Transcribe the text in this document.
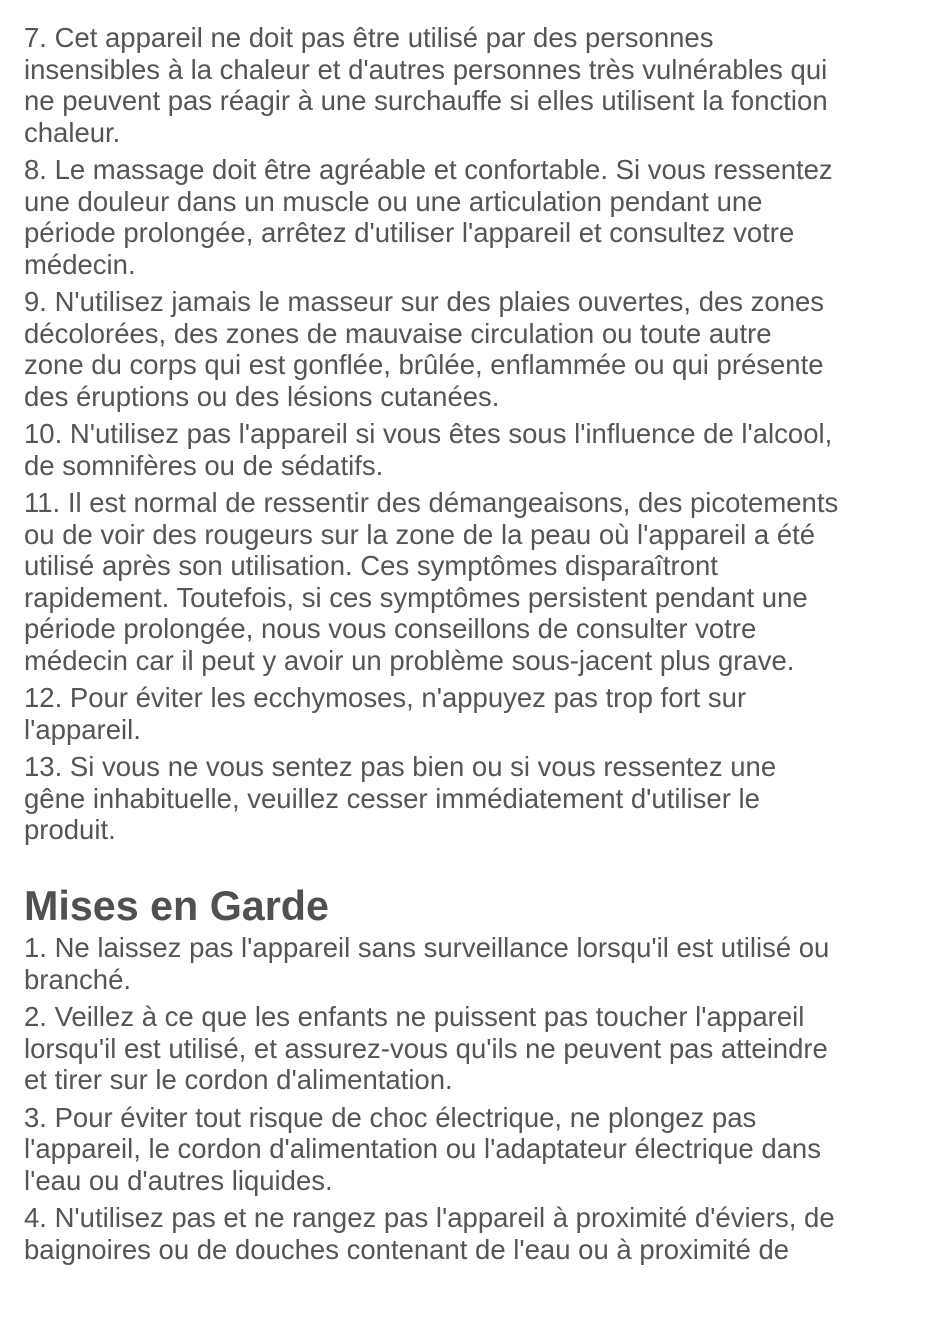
7. Cet appareil ne doit pas être utilisé par des personnes
insensibles à la chaleur et d'autres personnes très vulnérables qui
ne peuvent pas réagir à une surchauffe si elles utilisent la fonction
chaleur.

8. Le massage doit être agréable et confortable. Si vous ressentez
une douleur dans un muscle ou une articulation pendant une
période prolongée, arrêtez d'utiliser l'appareil et consultez votre
médecin.

9. N'utilisez jamais le masseur sur des plaies ouvertes, des zones
décolorées, des zones de mauvaise circulation ou toute autre
zone du corps qui est gonflée, brûlée, enflammée ou qui présente
des éruptions ou des lésions cutanées.

10. N'utilisez pas l'appareil si vous êtes sous l'influence de l'alcool,
de somnifères ou de sédatifs.

11. Il est normal de ressentir des démangeaisons, des picotements
ou de voir des rougeurs sur la zone de la peau où l'appareil a été
utilisé après son utilisation. Ces symptômes disparaîtront
rapidement. Toutefois, si ces symptômes persistent pendant une
période prolongée, nous vous conseillons de consulter votre
médecin car il peut y avoir un problème sous-jacent plus grave.

12. Pour éviter les ecchymoses, n'appuyez pas trop fort sur
l'appareil.

13. Si vous ne vous sentez pas bien ou si vous ressentez une
gêne inhabituelle, veuillez cesser immédiatement d'utiliser le
produit.

Mises en Garde

1. Ne laissez pas l'appareil sans surveillance lorsqu'il est utilisé ou
branché.

2. Veillez à ce que les enfants ne puissent pas toucher l'appareil
lorsqu'il est utilisé, et assurez-vous qu'ils ne peuvent pas atteindre
et tirer sur le cordon d'alimentation.

3. Pour éviter tout risque de choc électrique, ne plongez pas
l'appareil, le cordon d'alimentation ou l'adaptateur électrique dans
l'eau ou d'autres liquides.

4. N'utilisez pas et ne rangez pas l'appareil à proximité d'éviers, de
baignoires ou de douches contenant de l'eau ou à proximité de
